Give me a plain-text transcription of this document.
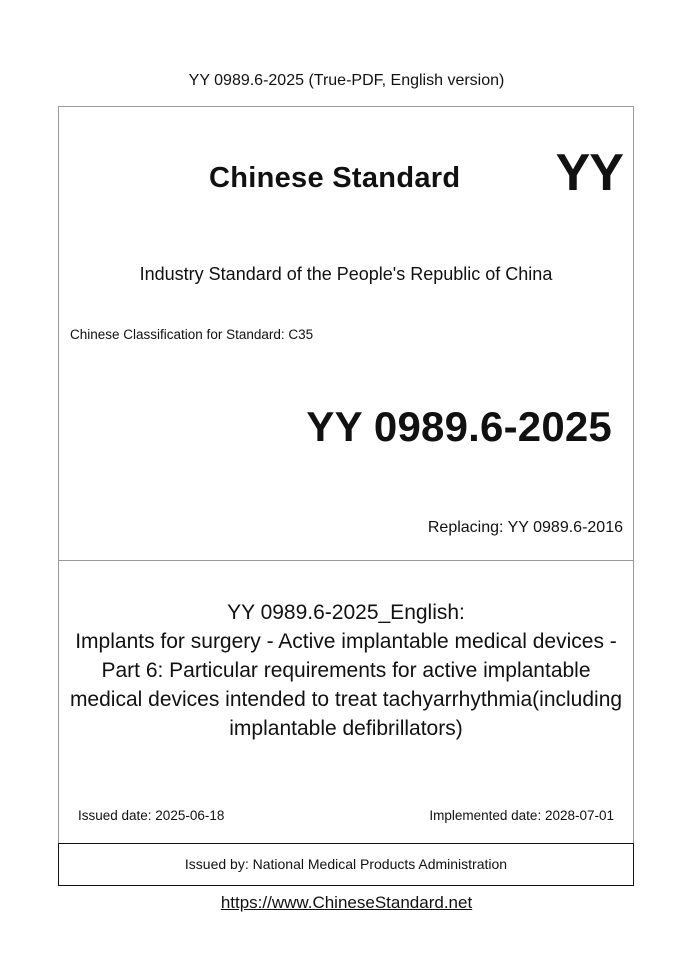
YY 0989.6-2025 (True-PDF, English version)
Chinese Standard YY
Industry Standard of the People's Republic of China
Chinese Classification for Standard: C35
YY 0989.6-2025
Replacing: YY 0989.6-2016
YY 0989.6-2025_English:
Implants for surgery - Active implantable medical devices -
Part 6: Particular requirements for active implantable
medical devices intended to treat tachyarrhythmia(including
implantable defibrillators)
Issued date: 2025-06-18	Implemented date: 2028-07-01
Issued by: National Medical Products Administration
https://www.ChineseStandard.net
